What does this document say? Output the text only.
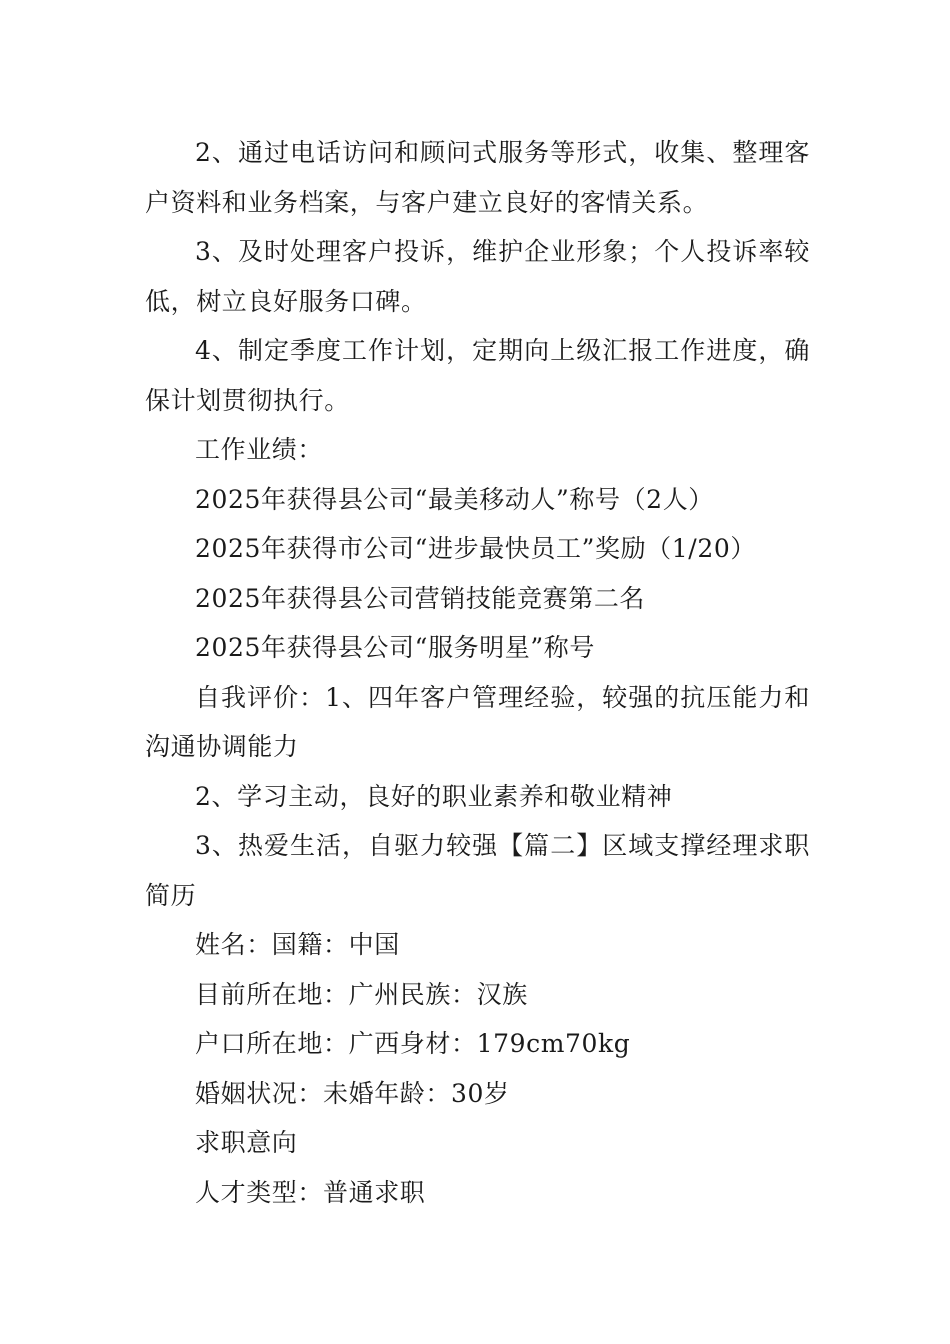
2、通过电话访问和顾问式服务等形式，收集、整理客户资料和业务档案，与客户建立良好的客情关系。

3、及时处理客户投诉，维护企业形象；个人投诉率较低，树立良好服务口碑。

4、制定季度工作计划，定期向上级汇报工作进度，确保计划贯彻执行。

工作业绩：

2025年获得县公司“最美移动人”称号（2人）

2025年获得市公司“进步最快员工”奖励（1/20）

2025年获得县公司营销技能竞赛第二名

2025年获得县公司“服务明星”称号

自我评价：1、四年客户管理经验，较强的抗压能力和沟通协调能力

2、学习主动，良好的职业素养和敬业精神

3、热爱生活，自驱力较强【篇二】区域支撑经理求职简历

姓名：国籍：中国

目前所在地：广州民族：汉族

户口所在地：广西身材：179cm70kg

婚姻状况：未婚年龄：30岁

求职意向

人才类型：普通求职
